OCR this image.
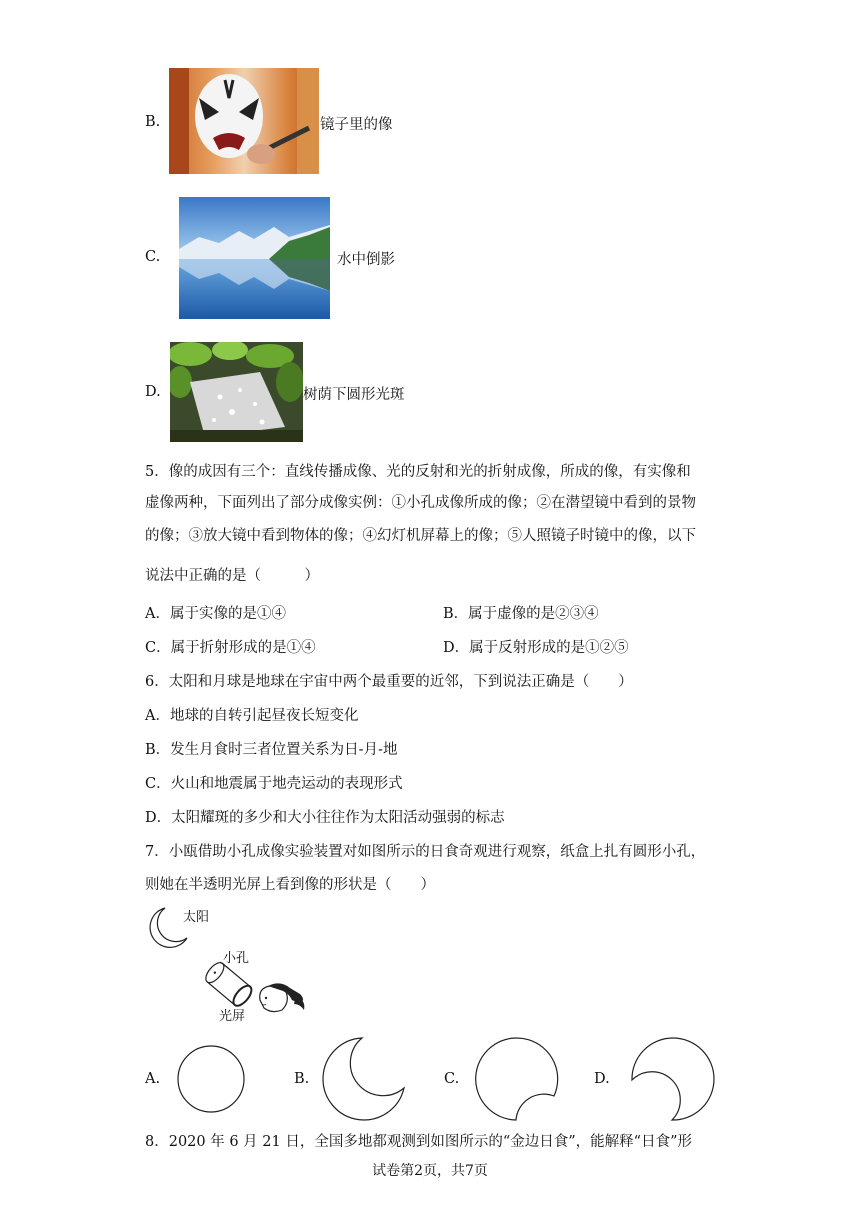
B.	镜子里的像
C.	水中倒影
D.	树荫下圆形光斑
5．像的成因有三个：直线传播成像、光的反射和光的折射成像，所成的像，有实像和
虚像两种，下面列出了部分成像实例：①小孔成像所成的像；②在潜望镜中看到的景物
的像；③放大镜中看到物体的像；④幻灯机屏幕上的像；⑤人照镜子时镜中的像，以下
说法中正确的是（　　　）
A．属于实像的是①④	B．属于虚像的是②③④
C．属于折射形成的是①④	D．属于反射形成的是①②⑤
6．太阳和月球是地球在宇宙中两个最重要的近邻，下到说法正确是（　　）
A．地球的自转引起昼夜长短变化
B．发生月食时三者位置关系为日-月-地
C．火山和地震属于地壳运动的表现形式
D．太阳耀斑的多少和大小往往作为太阳活动强弱的标志
7．小瓯借助小孔成像实验装置对如图所示的日食奇观进行观察，纸盒上扎有圆形小孔，
则她在半透明光屏上看到像的形状是（　　）
太阳
小孔
光屏
A.	B.	C.	D.
8．2020 年 6 月 21 日，全国多地都观测到如图所示的“金边日食”，能解释“日食”形
试卷第2页，共7页
